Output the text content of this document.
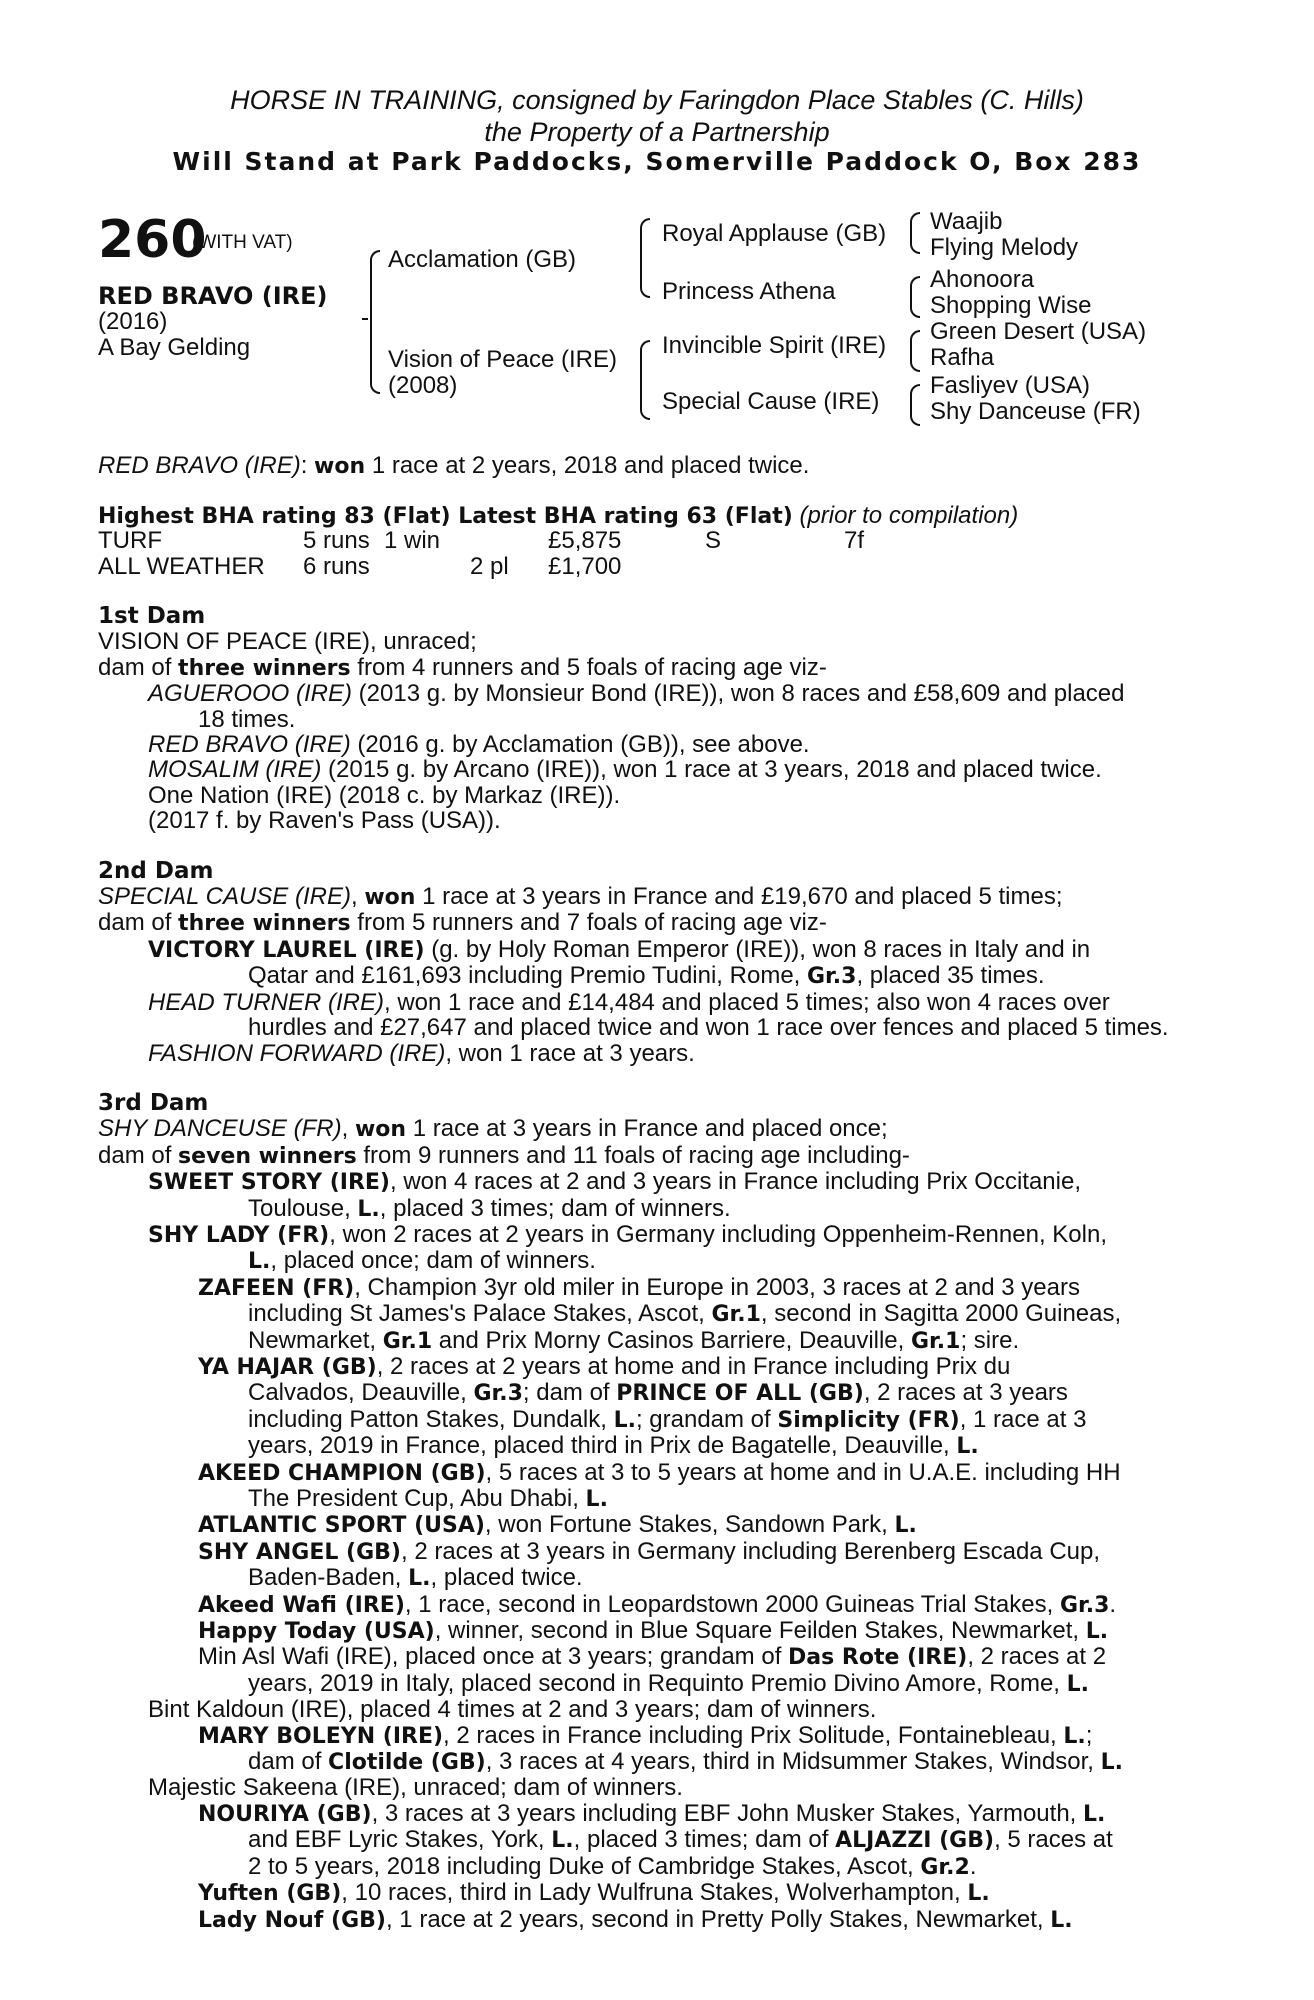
HORSE IN TRAINING, consigned by Faringdon Place Stables (C. Hills)
the Property of a Partnership
Will Stand at Park Paddocks, Somerville Paddock O, Box 283
260
(WITH VAT)
RED BRAVO (IRE)
(2016)
A Bay Gelding
Acclamation (GB)
Vision of Peace (IRE)
(2008)
Royal Applause (GB)
Princess Athena
Invincible Spirit (IRE)
Special Cause (IRE)
Waajib
Flying Melody
Ahonoora
Shopping Wise
Green Desert (USA)
Rafha
Fasliyev (USA)
Shy Danceuse (FR)
RED BRAVO (IRE): won 1 race at 2 years, 2018 and placed twice.
Highest BHA rating 83 (Flat) Latest BHA rating 63 (Flat) (prior to compilation)
TURF	5 runs 1 win	£5,875	S	7f
ALL WEATHER 6 runs	2 pl £1,700
1st Dam
VISION OF PEACE (IRE), unraced;
dam of three winners from 4 runners and 5 foals of racing age viz-
AGUEROOO (IRE) (2013 g. by Monsieur Bond (IRE)), won 8 races and £58,609 and placed
18 times.
RED BRAVO (IRE) (2016 g. by Acclamation (GB)), see above.
MOSALIM (IRE) (2015 g. by Arcano (IRE)), won 1 race at 3 years, 2018 and placed twice.
One Nation (IRE) (2018 c. by Markaz (IRE)).
(2017 f. by Raven's Pass (USA)).
2nd Dam
SPECIAL CAUSE (IRE), won 1 race at 3 years in France and £19,670 and placed 5 times;
dam of three winners from 5 runners and 7 foals of racing age viz-
VICTORY LAUREL (IRE) (g. by Holy Roman Emperor (IRE)), won 8 races in Italy and in
Qatar and £161,693 including Premio Tudini, Rome, Gr.3, placed 35 times.
HEAD TURNER (IRE), won 1 race and £14,484 and placed 5 times; also won 4 races over
hurdles and £27,647 and placed twice and won 1 race over fences and placed 5 times.
FASHION FORWARD (IRE), won 1 race at 3 years.
3rd Dam
SHY DANCEUSE (FR), won 1 race at 3 years in France and placed once;
dam of seven winners from 9 runners and 11 foals of racing age including-
SWEET STORY (IRE), won 4 races at 2 and 3 years in France including Prix Occitanie,
Toulouse, L., placed 3 times; dam of winners.
SHY LADY (FR), won 2 races at 2 years in Germany including Oppenheim-Rennen, Koln,
L., placed once; dam of winners.
ZAFEEN (FR), Champion 3yr old miler in Europe in 2003, 3 races at 2 and 3 years
including St James's Palace Stakes, Ascot, Gr.1, second in Sagitta 2000 Guineas,
Newmarket, Gr.1 and Prix Morny Casinos Barriere, Deauville, Gr.1; sire.
YA HAJAR (GB), 2 races at 2 years at home and in France including Prix du
Calvados, Deauville, Gr.3; dam of PRINCE OF ALL (GB), 2 races at 3 years
including Patton Stakes, Dundalk, L.; grandam of Simplicity (FR), 1 race at 3
years, 2019 in France, placed third in Prix de Bagatelle, Deauville, L.
AKEED CHAMPION (GB), 5 races at 3 to 5 years at home and in U.A.E. including HH
The President Cup, Abu Dhabi, L.
ATLANTIC SPORT (USA), won Fortune Stakes, Sandown Park, L.
SHY ANGEL (GB), 2 races at 3 years in Germany including Berenberg Escada Cup,
Baden-Baden, L., placed twice.
Akeed Wafi (IRE), 1 race, second in Leopardstown 2000 Guineas Trial Stakes, Gr.3.
Happy Today (USA), winner, second in Blue Square Feilden Stakes, Newmarket, L.
Min Asl Wafi (IRE), placed once at 3 years; grandam of Das Rote (IRE), 2 races at 2
years, 2019 in Italy, placed second in Requinto Premio Divino Amore, Rome, L.
Bint Kaldoun (IRE), placed 4 times at 2 and 3 years; dam of winners.
MARY BOLEYN (IRE), 2 races in France including Prix Solitude, Fontainebleau, L.;
dam of Clotilde (GB), 3 races at 4 years, third in Midsummer Stakes, Windsor, L.
Majestic Sakeena (IRE), unraced; dam of winners.
NOURIYA (GB), 3 races at 3 years including EBF John Musker Stakes, Yarmouth, L.
and EBF Lyric Stakes, York, L., placed 3 times; dam of ALJAZZI (GB), 5 races at
2 to 5 years, 2018 including Duke of Cambridge Stakes, Ascot, Gr.2.
Yuften (GB), 10 races, third in Lady Wulfruna Stakes, Wolverhampton, L.
Lady Nouf (GB), 1 race at 2 years, second in Pretty Polly Stakes, Newmarket, L.
